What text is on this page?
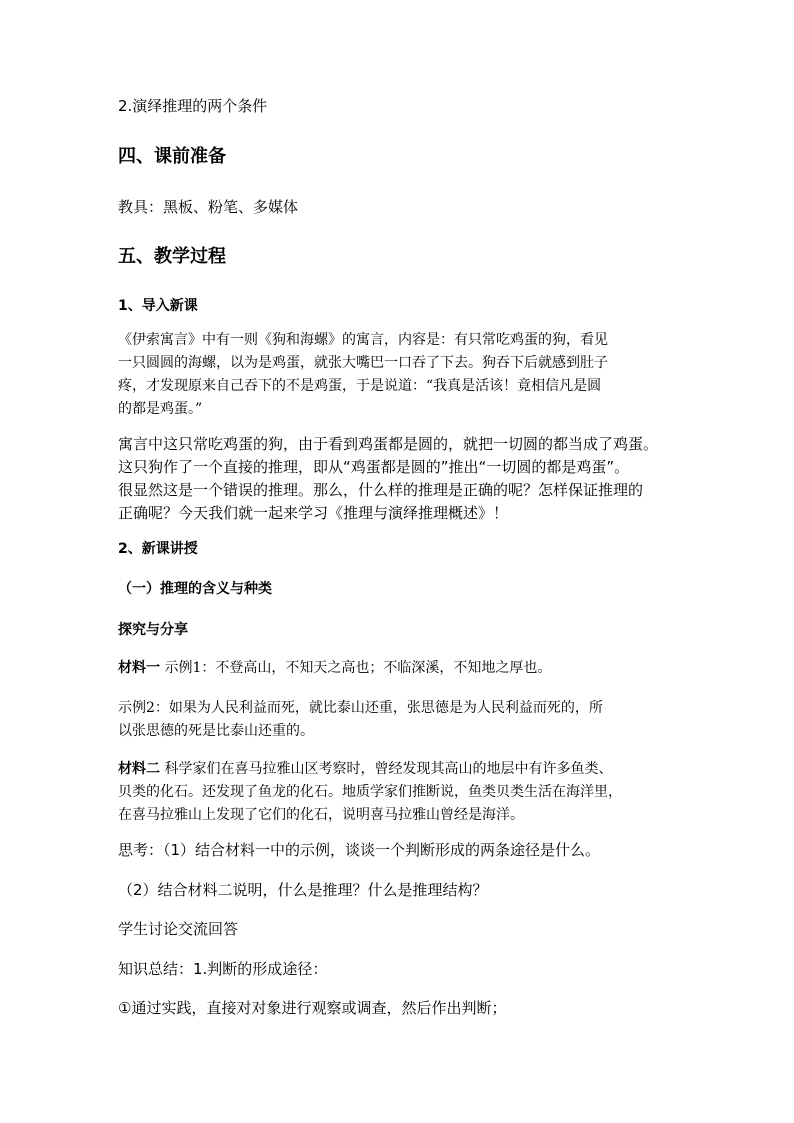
2.演绎推理的两个条件

四、课前准备

教具：黑板、粉笔、多媒体

五、教学过程

1、导入新课

《伊索寓言》中有一则《狗和海螺》的寓言，内容是：有只常吃鸡蛋的狗，看见
一只圆圆的海螺，以为是鸡蛋，就张大嘴巴一口吞了下去。狗吞下后就感到肚子
疼，才发现原来自己吞下的不是鸡蛋，于是说道：“我真是活该！竟相信凡是圆
的都是鸡蛋。”
寓言中这只常吃鸡蛋的狗，由于看到鸡蛋都是圆的，就把一切圆的都当成了鸡蛋。
这只狗作了一个直接的推理，即从“鸡蛋都是圆的”推出“一切圆的都是鸡蛋”。
很显然这是一个错误的推理。那么，什么样的推理是正确的呢？怎样保证推理的
正确呢？今天我们就一起来学习《推理与演绎推理概述》！

2、新课讲授

（一）推理的含义与种类

探究与分享

材料一 示例1：不登高山，不知天之高也；不临深溪，不知地之厚也。

示例2：如果为人民利益而死，就比泰山还重，张思德是为人民利益而死的，所
以张思德的死是比泰山还重的。
材料二 科学家们在喜马拉雅山区考察时，曾经发现其高山的地层中有许多鱼类、
贝类的化石。还发现了鱼龙的化石。地质学家们推断说，鱼类贝类生活在海洋里，
在喜马拉雅山上发现了它们的化石，说明喜马拉雅山曾经是海洋。

思考：（1）结合材料一中的示例，谈谈一个判断形成的两条途径是什么。

（2）结合材料二说明，什么是推理？什么是推理结构？

学生讨论交流回答

知识总结：1.判断的形成途径：

①通过实践，直接对对象进行观察或调查，然后作出判断；
